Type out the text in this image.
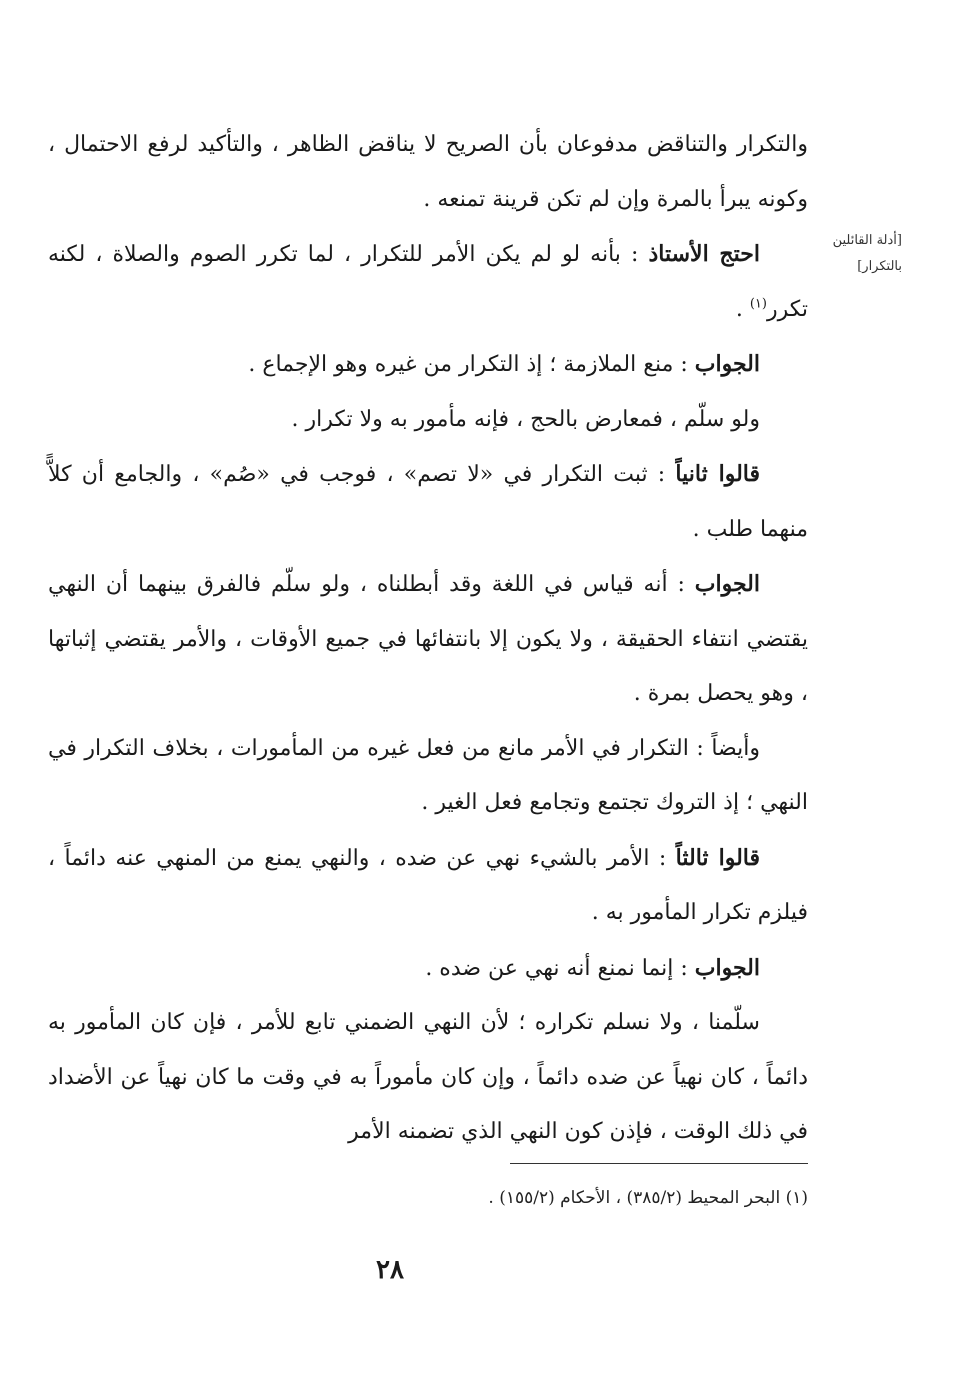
[أدلة القائلين
بالتكرار]

والتكرار والتناقض مدفوعان بأن الصريح لا يناقض الظاهر ، والتأكيد لرفع الاحتمال ، وكونه يبرأ بالمرة وإن لم تكن قرينة تمنعه .

احتج الأستاذ : بأنه لو لم يكن الأمر للتكرار ، لما تكرر الصوم والصلاة ، لكنه تكرر$^{(١)}$ .

الجواب : منع الملازمة ؛ إذ التكرار من غيره وهو الإجماع .

ولو سلّم ، فمعارض بالحج ، فإنه مأمور به ولا تكرار .

قالوا ثانياً : ثبت التكرار في «لا تصم» ، فوجب في «صُم» ، والجامع أن كلاًّ منهما طلب .

الجواب : أنه قياس في اللغة وقد أبطلناه ، ولو سلّم فالفرق بينهما أن النهي يقتضي انتفاء الحقيقة ، ولا يكون إلا بانتفائها في جميع الأوقات ، والأمر يقتضي إثباتها ، وهو يحصل بمرة .

وأيضاً : التكرار في الأمر مانع من فعل غيره من المأمورات ، بخلاف التكرار في النهي ؛ إذ التروك تجتمع وتجامع فعل الغير .

قالوا ثالثاً : الأمر بالشيء نهي عن ضده ، والنهي يمنع من المنهي عنه دائماً ، فيلزم تكرار المأمور به .

الجواب : إنما نمنع أنه نهي عن ضده .

سلّمنا ، ولا نسلم تكراره ؛ لأن النهي الضمني تابع للأمر ، فإن كان المأمور به دائماً ، كان نهياً عن ضده دائماً ، وإن كان مأموراً به في وقت ما كان نهياً عن الأضداد في ذلك الوقت ، فإذن كون النهي الذي تضمنه الأمر

(١) البحر المحيط (٣٨٥/٢) ، الأحكام (١٥٥/٢) .
٢٨
